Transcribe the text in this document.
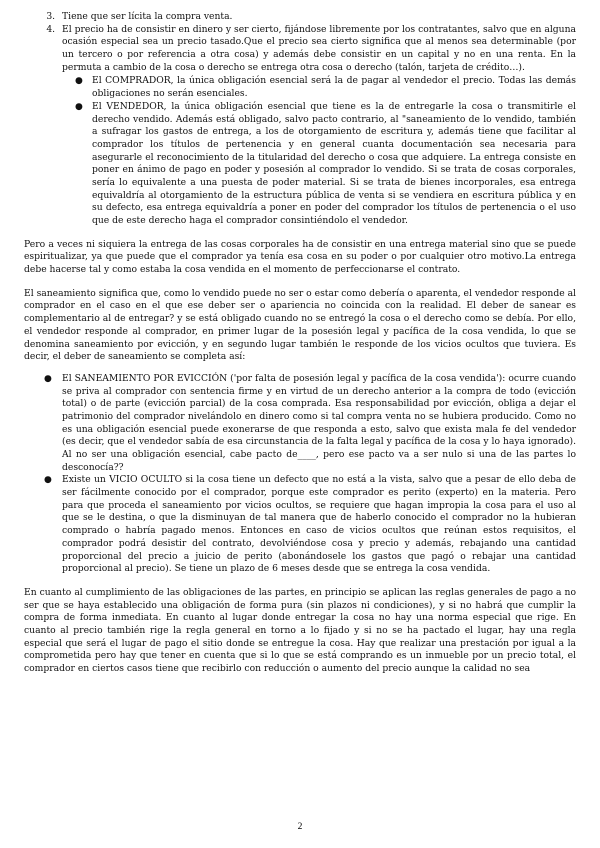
3. Tiene que ser lícita la compra venta.
4. El precio ha de consistir en dinero y ser cierto, fijándose libremente por los contratantes, salvo que en alguna ocasión especial sea un precio tasado.Que el precio sea cierto significa que al menos sea determinable (por un tercero o por referencia a otra cosa) y además debe consistir en un capital y no en una renta. En la permuta a cambio de la cosa o derecho se entrega otra cosa o derecho (talón, tarjeta de crédito…).
● El COMPRADOR, la única obligación esencial será la de pagar al vendedor el precio. Todas las demás obligaciones no serán esenciales.
● El VENDEDOR, la única obligación esencial que tiene es la de entregarle la cosa o transmitirle el derecho vendido. Además está obligado, salvo pacto contrario, al "saneamiento de lo vendido, también a sufragar los gastos de entrega, a los de otorgamiento de escritura y, además tiene que facilitar al comprador los títulos de pertenencia y en general cuanta documentación sea necesaria para asegurarle el reconocimiento de la titularidad del derecho o cosa que adquiere. La entrega consiste en poner en ánimo de pago en poder y posesión al comprador lo vendido. Si se trata de cosas corporales, sería lo equivalente a una puesta de poder material. Si se trata de bienes incorporales, esa entrega equivaldría al otorgamiento de la estructura pública de venta si se vendiera en escritura pública y en su defecto, esa entrega equivaldría a poner en poder del comprador los títulos de pertenencia o el uso que de este derecho haga el comprador consintiéndolo el vendedor.

Pero a veces ni siquiera la entrega de las cosas corporales ha de consistir en una entrega material sino que se puede espiritualizar, ya que puede que el comprador ya tenía esa cosa en su poder o por cualquier otro motivo.La entrega debe hacerse tal y como estaba la cosa vendida en el momento de perfeccionarse el contrato.

El saneamiento significa que, como lo vendido puede no ser o estar como debería o aparenta, el vendedor responde al comprador en el caso en el que ese deber ser o apariencia no coincida con la realidad. El deber de sanear es complementario al de entregar? y se está obligado cuando no se entregó la cosa o el derecho como se debía. Por ello, el vendedor responde al comprador, en primer lugar de la posesión legal y pacífica de la cosa vendida, lo que se denomina saneamiento por evicción, y en segundo lugar también le responde de los vicios ocultos que tuviera. Es decir, el deber de saneamiento se completa así:

● El SANEAMIENTO POR EVICCIÓN ('por falta de posesión legal y pacífica de la cosa vendida'): ocurre cuando se priva al comprador con sentencia firme y en virtud de un derecho anterior a la compra de todo (evicción total) o de parte (evicción parcial) de la cosa comprada. Esa responsabilidad por evicción, obliga a dejar el patrimonio del comprador nivelándolo en dinero como si tal compra venta no se hubiera producido. Como no es una obligación esencial puede exonerarse de que responda a esto, salvo que exista mala fe del vendedor (es decir, que el vendedor sabía de esa circunstancia de la falta legal y pacífica de la cosa y lo haya ignorado). Al no ser una obligación esencial, cabe pacto de____, pero ese pacto va a ser nulo si una de las partes lo desconocía??
● Existe un VICIO OCULTO si la cosa tiene un defecto que no está a la vista, salvo que a pesar de ello deba de ser fácilmente conocido por el comprador, porque este comprador es perito (experto) en la materia. Pero para que proceda el saneamiento por vicios ocultos, se requiere que hagan impropia la cosa para el uso al que se le destina, o que la disminuyan de tal manera que de haberlo conocido el comprador no la hubieran comprado o habría pagado menos. Entonces en caso de vicios ocultos que reúnan estos requisitos, el comprador podrá desistir del contrato, devolviéndose cosa y precio y además, rebajando una cantidad proporcional del precio a juicio de perito (abonándosele los gastos que pagó o rebajar una cantidad proporcional al precio). Se tiene un plazo de 6 meses desde que se entrega la cosa vendida.

En cuanto al cumplimiento de las obligaciones de las partes, en principio se aplican las reglas generales de pago a no ser que se haya establecido una obligación de forma pura (sin plazos ni condiciones), y si no habrá que cumplir la compra de forma inmediata. En cuanto al lugar donde entregar la cosa no hay una norma especial que rige. En cuanto al precio también rige la regla general en torno a lo fijado y si no se ha pactado el lugar, hay una regla especial que será el lugar de pago el sitio donde se entregue la cosa. Hay que realizar una prestación por igual a la comprometida pero hay que tener en cuenta que si lo que se está comprando es un inmueble por un precio total, el comprador en ciertos casos tiene que recibirlo con reducción o aumento del precio aunque la calidad no sea

2
